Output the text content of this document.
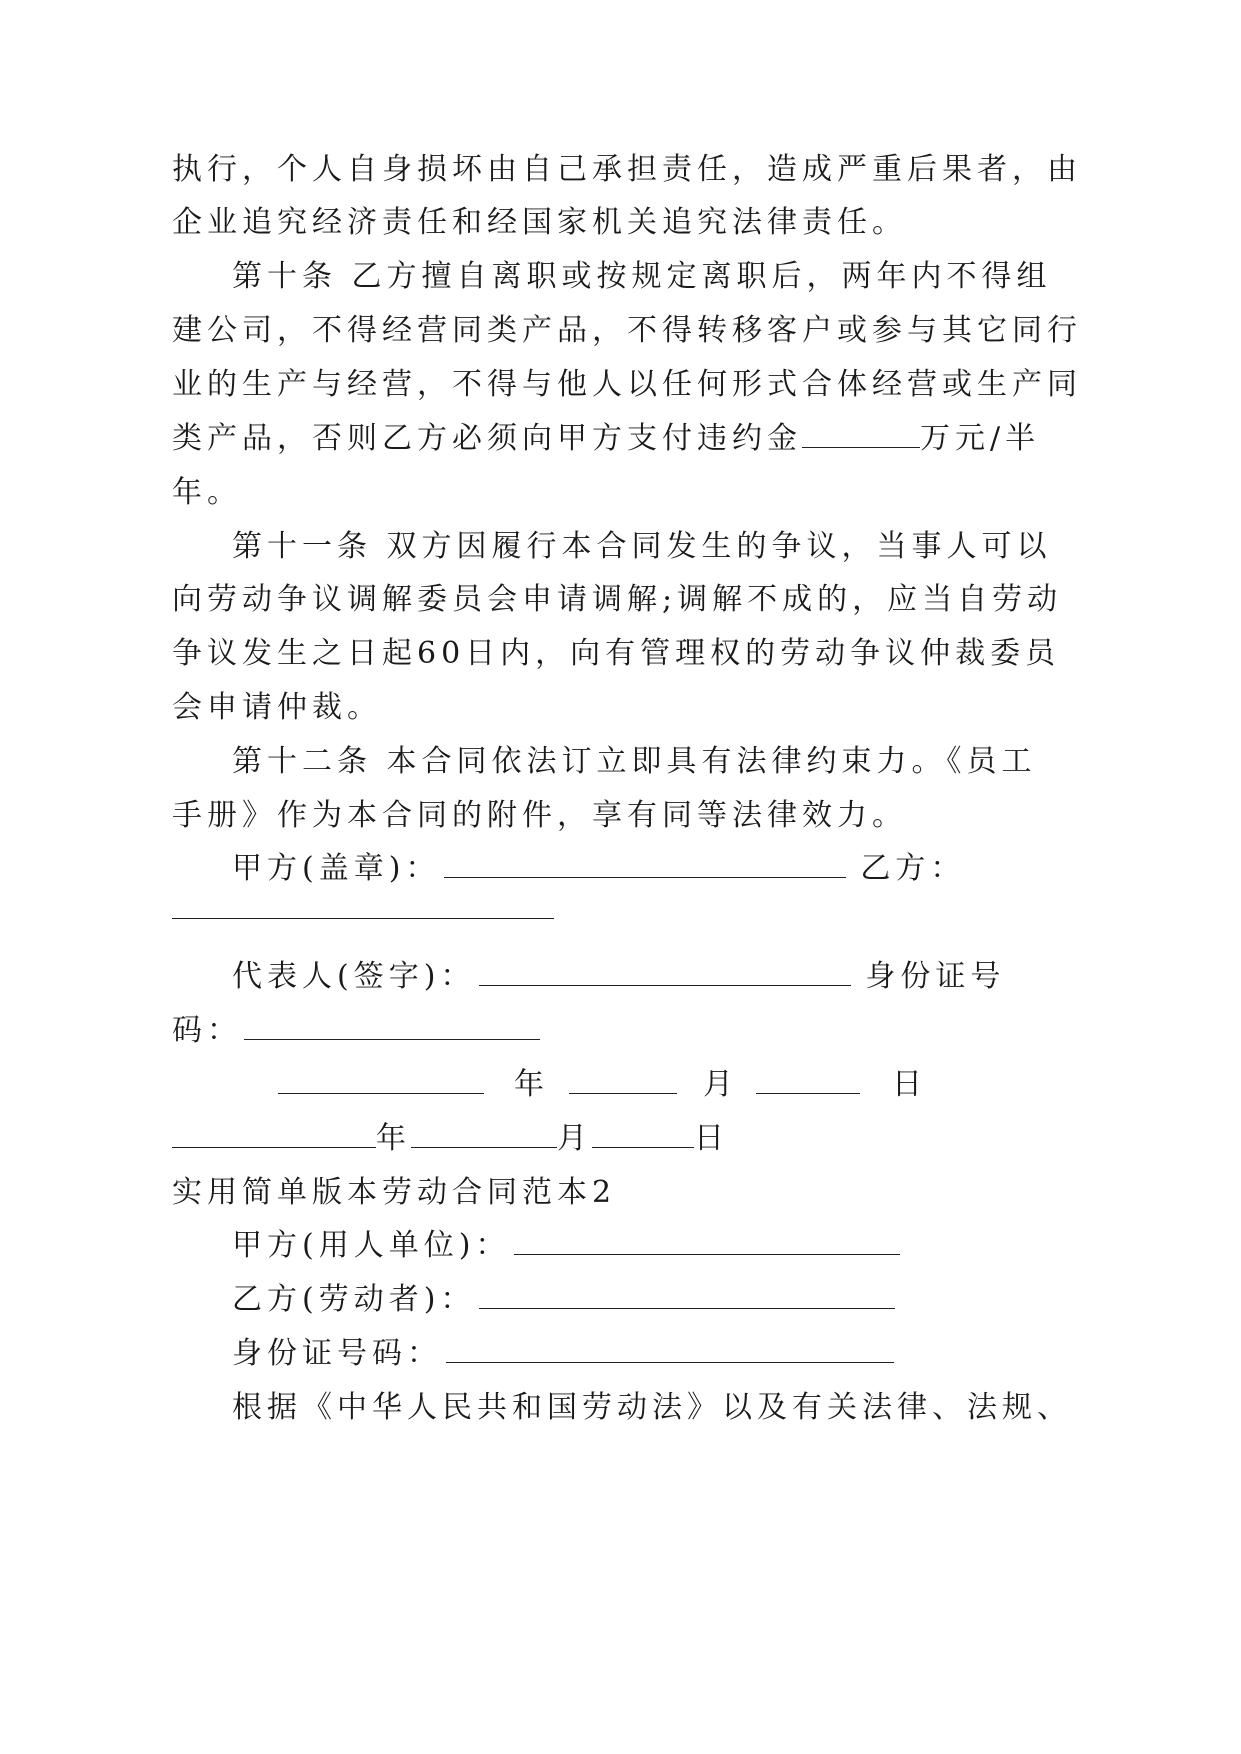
执行，个人自身损坏由自己承担责任，造成严重后果者，由
企业追究经济责任和经国家机关追究法律责任。
第十条 乙方擅自离职或按规定离职后，两年内不得组
建公司，不得经营同类产品，不得转移客户或参与其它同行
业的生产与经营，不得与他人以任何形式合体经营或生产同
类产品，否则乙方必须向甲方支付违约金	万元/半
年。
第十一条 双方因履行本合同发生的争议，当事人可以
向劳动争议调解委员会申请调解;调解不成的，应当自劳动
争议发生之日起60日内，向有管理权的劳动争议仲裁委员
会申请仲裁。
第十二条 本合同依法订立即具有法律约束力。《员工
手册》作为本合同的附件，享有同等法律效力。
甲方(盖章)：	乙方：
代表人(签字)：	身份证号
码：
年	月	日
年	月	日
实用简单版本劳动合同范本2
甲方(用人单位)：
乙方(劳动者)：
身份证号码：
根据《中华人民共和国劳动法》以及有关法律、法规、
